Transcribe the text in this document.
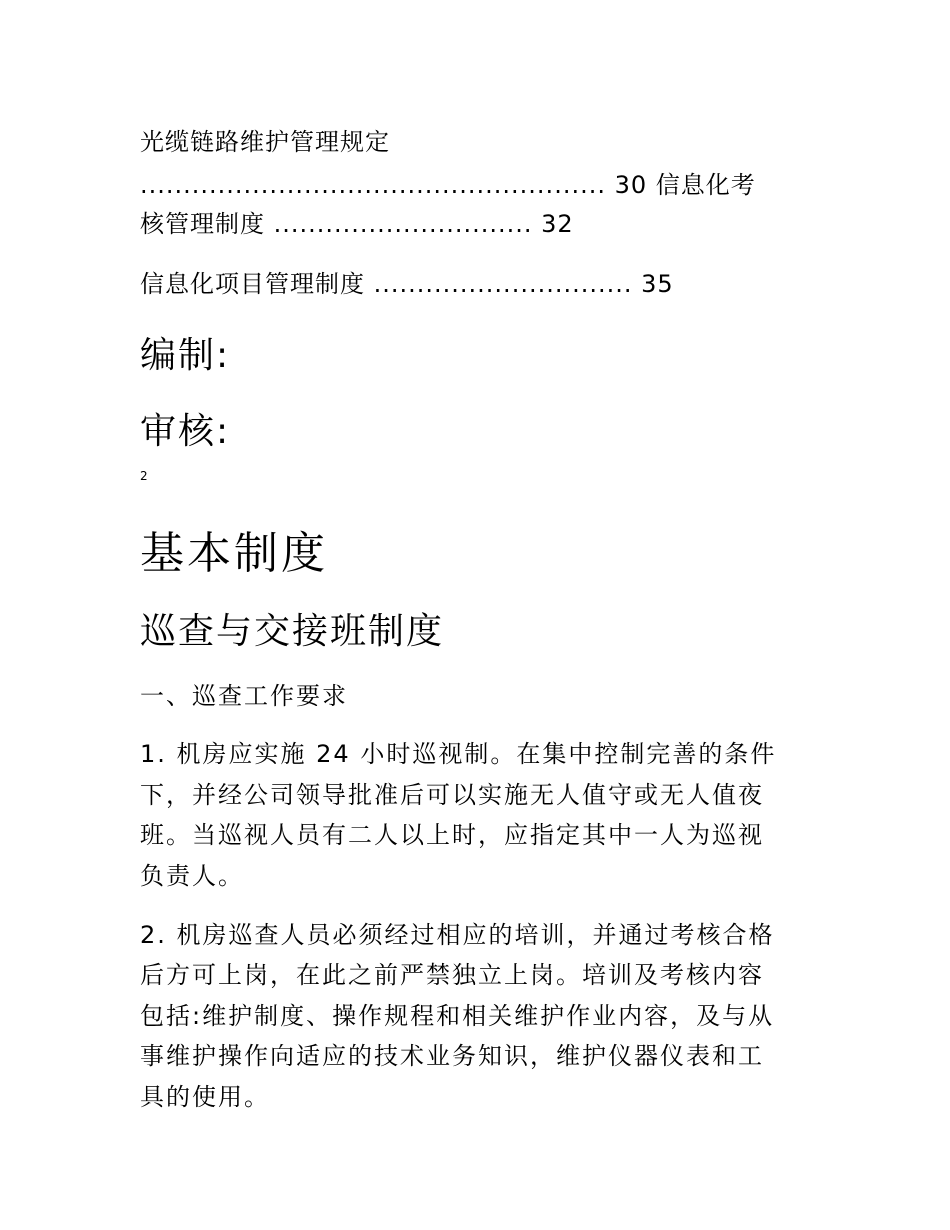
光缆链路维护管理规定
...................................................... 30 信息化考
核管理制度 .............................. 32
信息化项目管理制度 .............................. 35
编制:
审核:
2
基本制度
巡查与交接班制度
一、巡查工作要求
1. 机房应实施 24 小时巡视制。在集中控制完善的条件
下，并经公司领导批准后可以实施无人值守或无人值夜
班。当巡视人员有二人以上时，应指定其中一人为巡视
负责人。
2. 机房巡查人员必须经过相应的培训，并通过考核合格
后方可上岗，在此之前严禁独立上岗。培训及考核内容
包括:维护制度、操作规程和相关维护作业内容，及与从
事维护操作向适应的技术业务知识，维护仪器仪表和工
具的使用。
